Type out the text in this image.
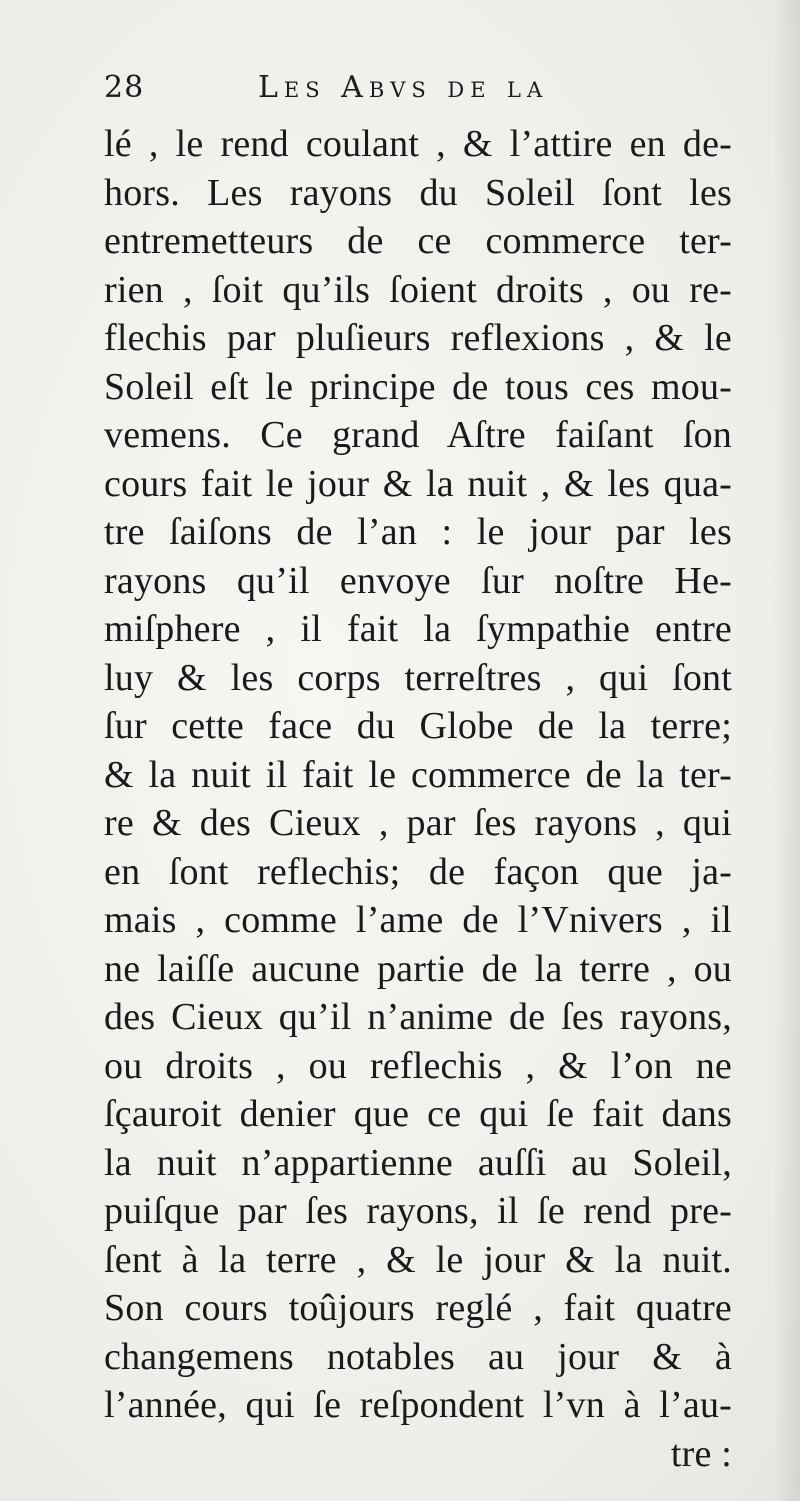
28	Les Abvs de la
lé , le rend coulant , & l’attire en de-
hors. Les rayons du Soleil ſont les
entremetteurs de ce commerce ter-
rien , ſoit qu’ils ſoient droits , ou re-
flechis par pluſieurs reflexions , & le
Soleil eſt le principe de tous ces mou-
vemens. Ce grand Aſtre faiſant ſon
cours fait le jour & la nuit , & les qua-
tre ſaiſons de l’an : le jour par les
rayons qu’il envoye ſur noſtre He-
miſphere , il fait la ſympathie entre
luy & les corps terreſtres , qui ſont
ſur cette face du Globe de la terre;
& la nuit il fait le commerce de la ter-
re & des Cieux , par ſes rayons , qui
en ſont reflechis; de façon que ja-
mais , comme l’ame de l’Vnivers , il
ne laiſſe aucune partie de la terre , ou
des Cieux qu’il n’anime de ſes rayons,
ou droits , ou reflechis , & l’on ne
ſçauroit denier que ce qui ſe fait dans
la nuit n’appartienne auſſi au Soleil,
puiſque par ſes rayons, il ſe rend pre-
ſent à la terre , & le jour & la nuit.
Son cours toûjours reglé , fait quatre
changemens notables au jour & à
l’année, qui ſe reſpondent l’vn à l’au-
tre :
